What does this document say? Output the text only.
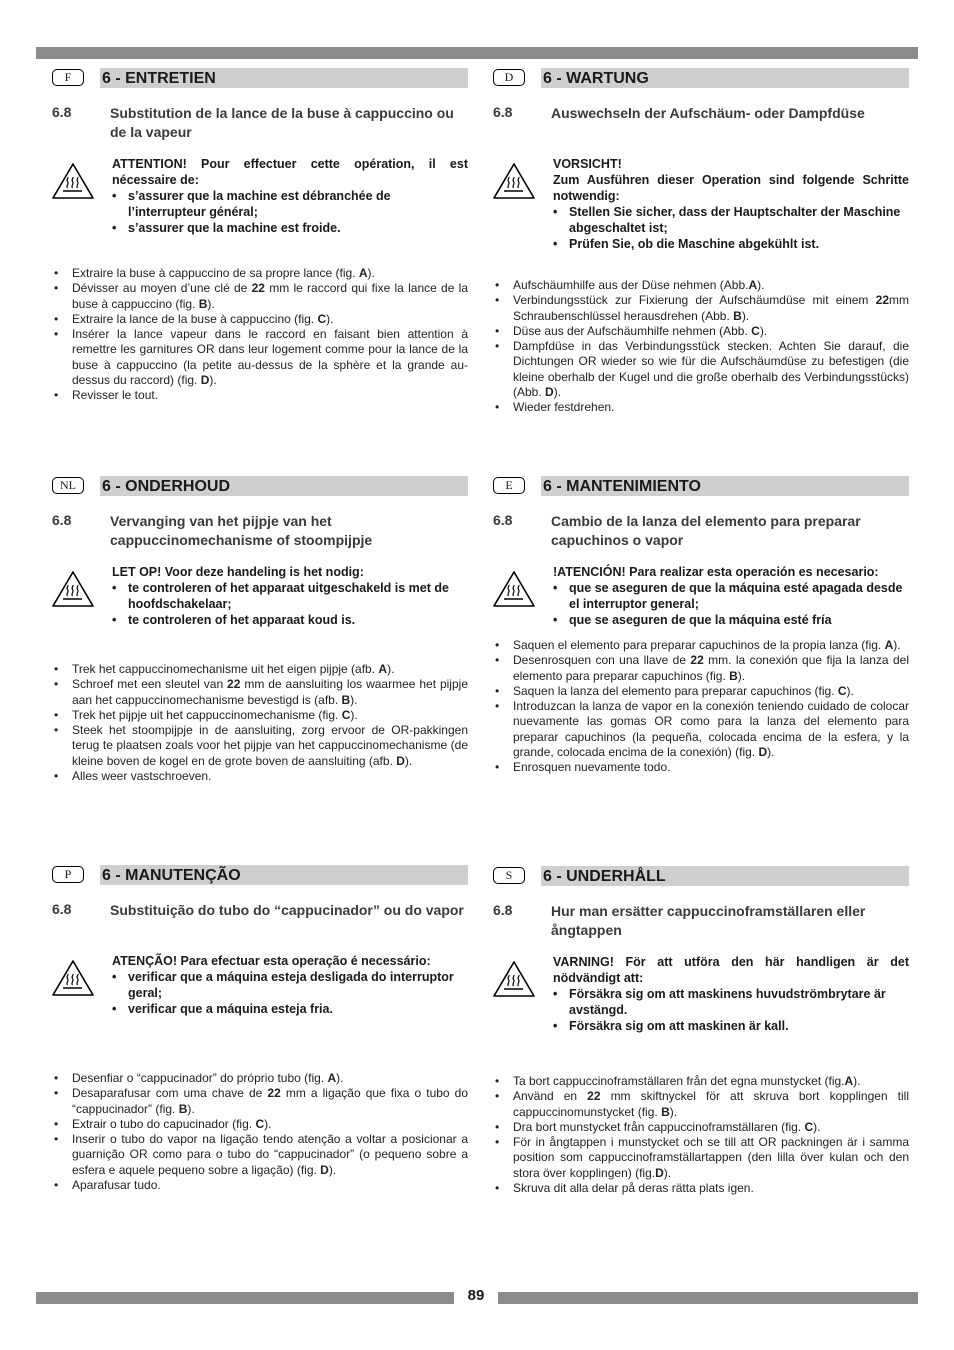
F	6 - ENTRETIEN
6.8	Substitution de la lance de la buse à cappuccino ou de la vapeur

ATTENTION! Pour effectuer cette opération, il est nécessaire de:

• s’assurer que la machine est débranchée de l’interrupteur général;
• s’assurer que la machine est froide.
• Extraire la buse à cappuccino de sa propre lance (fig. A).
• Dévisser au moyen d’une clé de 22 mm le raccord qui fixe la lance de la buse à cappuccino (fig. B).
• Extraire la lance de la buse à cappuccino (fig. C).
• Insérer la lance vapeur dans le raccord en faisant bien attention à remettre les garnitures OR dans leur logement comme pour la lance de la buse à cappuccino (la petite au-dessus de la sphère et la grande au-dessus du raccord) (fig. D).
• Revisser le tout.
D	6 - WARTUNG
6.8	Auswechseln der Aufschäum- oder Dampfdüse

VORSICHT!

Zum Ausführen dieser Operation sind folgende Schritte notwendig:

• Stellen Sie sicher, dass der Hauptschalter der Maschine abgeschaltet ist;
• Prüfen Sie, ob die Maschine abgekühlt ist.
• Aufschäumhilfe aus der Düse nehmen (Abb.A).
• Verbindungsstück zur Fixierung der Aufschäumdüse mit einem 22mm Schraubenschlüssel herausdrehen (Abb. B).
• Düse aus der Aufschäumhilfe nehmen (Abb. C).
• Dampfdüse in das Verbindungsstück stecken. Achten Sie darauf, die Dichtungen OR wieder so wie für die Aufschäumdüse zu befestigen (die kleine oberhalb der Kugel und die große oberhalb des Verbindungsstücks) (Abb. D).
• Wieder festdrehen.
NL	6 - ONDERHOUD
6.8	Vervanging van het pijpje van het cappuccinomechanisme of stoompijpje

LET OP! Voor deze handeling is het nodig:

• te controleren of het apparaat uitgeschakeld is met de hoofdschakelaar;
• te controleren of het apparaat koud is.
• Trek het cappuccinomechanisme uit het eigen pijpje (afb. A).
• Schroef met een sleutel van 22 mm de aansluiting los waarmee het pijpje aan het cappuccinomechanisme bevestigd is (afb. B).
• Trek het pijpje uit het cappuccinomechanisme (fig. C).
• Steek het stoompijpje in de aansluiting, zorg ervoor de OR-pakkingen terug te plaatsen zoals voor het pijpje van het cappuccinomechanisme (de kleine boven de kogel en de grote boven de aansluiting (afb. D).
• Alles weer vastschroeven.
E	6 - MANTENIMIENTO
6.8	Cambio de la lanza del elemento para preparar capuchinos o vapor

!ATENCIÓN! Para realizar esta operación es necesario:

• que se aseguren de que la máquina esté apagada desde el interruptor general;
• que se aseguren de que la máquina esté fría
• Saquen el elemento para preparar capuchinos de la propia lanza (fig. A).
• Desenrosquen con una llave de 22 mm. la conexión que fija la lanza del elemento para preparar capuchinos (fig. B).
• Saquen la lanza del elemento para preparar capuchinos (fig. C).
• Introduzcan la lanza de vapor en la conexión teniendo cuidado de colocar nuevamente las gomas OR como para la lanza del elemento para preparar capuchinos (la pequeña, colocada encima de la esfera, y la grande, colocada encima de la conexión) (fig. D).
• Enrosquen nuevamente todo.
P	6 - MANUTENÇÃO
6.8	Substituição do tubo do “cappucinador” ou do vapor

ATENÇÃO! Para efectuar esta operação é necessário:

• verificar que a máquina esteja desligada do interruptor geral;
• verificar que a máquina esteja fria.
• Desenfiar o “cappucinador” do próprio tubo (fig. A).
• Desaparafusar com uma chave de 22 mm a ligação que fixa o tubo do “cappucinador” (fig. B).
• Extrair o tubo do capucinador (fig. C).
• Inserir o tubo do vapor na ligação tendo atenção a voltar a posicionar a guarnição OR como para o tubo do “cappucinador” (o pequeno sobre a esfera e aquele pequeno sobre a ligação) (fig. D).
• Aparafusar tudo.
S	6 - UNDERHÅLL
6.8	Hur man ersätter cappuccinoframställaren eller ångtappen

VARNING! För att utföra den här handligen är det nödvändigt att:

• Försäkra sig om att maskinens huvudströmbrytare är avstängd.
• Försäkra sig om att maskinen är kall.
• Ta bort cappuccinoframställaren från det egna munstycket (fig.A).
• Använd en 22 mm skiftnyckel för att skruva bort kopplingen till cappuccinomunstycket (fig. B).
• Dra bort munstycket från cappuccinoframställaren (fig. C).
• För in ångtappen i munstycket och se till att OR packningen är i samma position som cappuccinoframställartappen (den lilla över kulan och den stora över kopplingen) (fig.D).
• Skruva dit alla delar på deras rätta plats igen.
89
